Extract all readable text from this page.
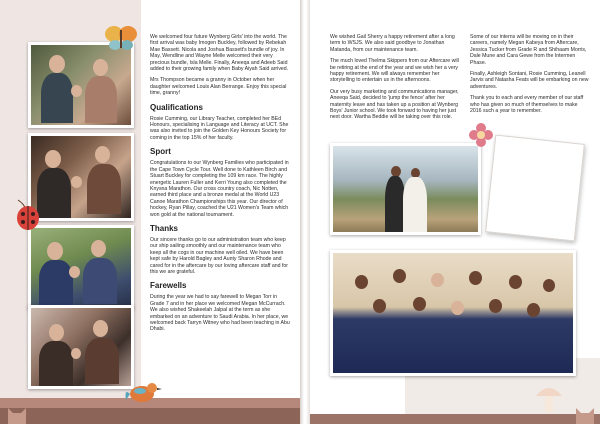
We welcomed four future Wynberg Girls' into the world. The first arrival was baby Imogen Buckley, followed by Rebekah Mae Bassett. Nicola and Joshua Bassett's bundle of joy. In May, Wendline and Wayne Melle welcomed their very precious bundle, Isla Melle. Finally, Aneeqa and Adeeb Said added to their growing family when Baby Aiyah Said arrived.

Mrs Thompson became a granny in October when her daughter welcomed Louis Alan Berrange. Enjoy this special time, granny!

Qualifications

Rosie Cumming, our Library Teacher, completed her BEd Honours, specialising in Language and Literacy at UCT. She was also invited to join the Golden Key Honours Society for coming in the top 15% of her faculty.

Sport

Congratulations to our Wynberg Families who participated in the Cape Town Cycle Tour. Well done to Kathleen Birch and Stuart Buckley for completing the 109 km race. The highly energetic Lauren Fuller and Kerri Young also completed the Knysna Marathon. Our cross country coach, Nic Notten, earned third place and a bronze medal at the World U23 Canoe Marathon Championships this year. Our director of hockey, Ryan Pillay, coached the U21 Women's Team which won gold at the national tournament.

Thanks

Our sincere thanks go to our administration team who keep our ship sailing smoothly and our maintenance team who keep all the cogs in our machine well oiled. We have been kept safe by Harold Bagley and Aunty Sharon Rhode and cared for in the aftercare by our loving aftercare staff and for this we are grateful.

Farewells

During the year we had to say farewell to Megan Torr in Grade 7 and in her place we welcomed Megan McCurrach. We also wished Shakeelah Jalpal at the term as she embarked on an adventure to Saudi Arabia. In her place, we welcomed back Tarryn Witney who had been teaching in Abu Dhabi.

We wished Gail Sherry a happy retirement after a long term to WSJS. We also said goodbye to Jonathan Matanda, from our maintenance team.

The much loved Thelma Skippers from our Aftercare will be retiring at the end of the year and we wish her a very happy retirement. We will always remember her storytelling to entertain us in the afternoons.

Our very busy marketing and communications manager, Aneeqa Said, decided to 'jump the fence' after her maternity leave and has taken up a position at Wynberg Boys' Junior school. We took forward to having her just next door. Wartha Beddie will be taking over this role.

Some of our interns will be moving on in their careers, namely Megan Kabeya from Aftercare, Jessica Tucker from Grade R and Shihaam Morris, Dale Mune and Cara Gewe from the Intermen Phase.

Finally, Ashleigh Sontani, Rosie Cumming, Leanell Jarvis and Natasha Feats will be embarking on new adventures.

Thank you to each and every member of our staff who has given so much of themselves to make 2016 such a year to remember.
